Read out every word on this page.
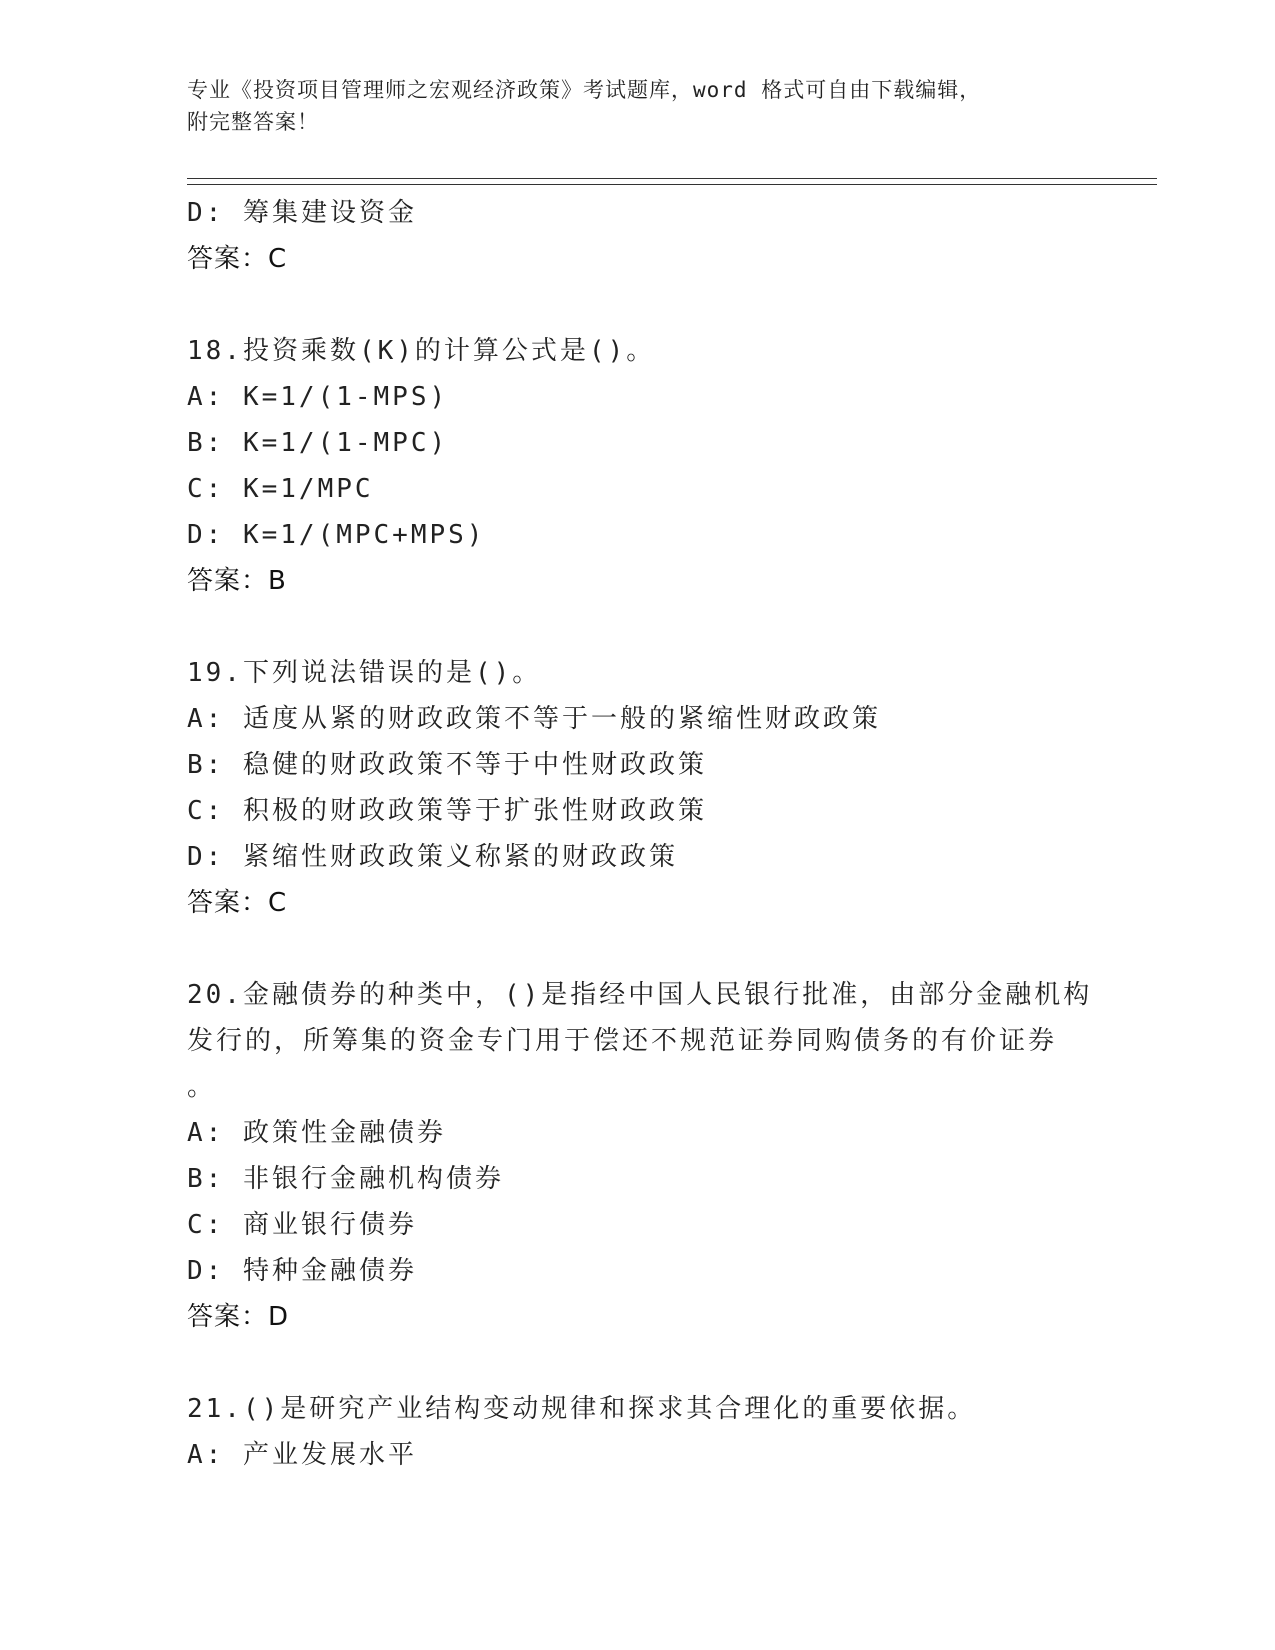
专业《投资项目管理师之宏观经济政策》考试题库，word 格式可自由下载编辑，
附完整答案！
D: 筹集建设资金
答案：C
18.投资乘数(K)的计算公式是()。
A: K=1/(1-MPS)
B: K=1/(1-MPC)
C: K=1/MPC
D: K=1/(MPC+MPS)
答案：B
19.下列说法错误的是()。
A: 适度从紧的财政政策不等于一般的紧缩性财政政策
B: 稳健的财政政策不等于中性财政政策
C: 积极的财政政策等于扩张性财政政策
D: 紧缩性财政政策义称紧的财政政策
答案：C
20.金融债券的种类中，()是指经中国人民银行批准，由部分金融机构
发行的，所筹集的资金专门用于偿还不规范证券同购债务的有价证券
。
A: 政策性金融债券
B: 非银行金融机构债券
C: 商业银行债券
D: 特种金融债券
答案：D
21.()是研究产业结构变动规律和探求其合理化的重要依据。
A: 产业发展水平
